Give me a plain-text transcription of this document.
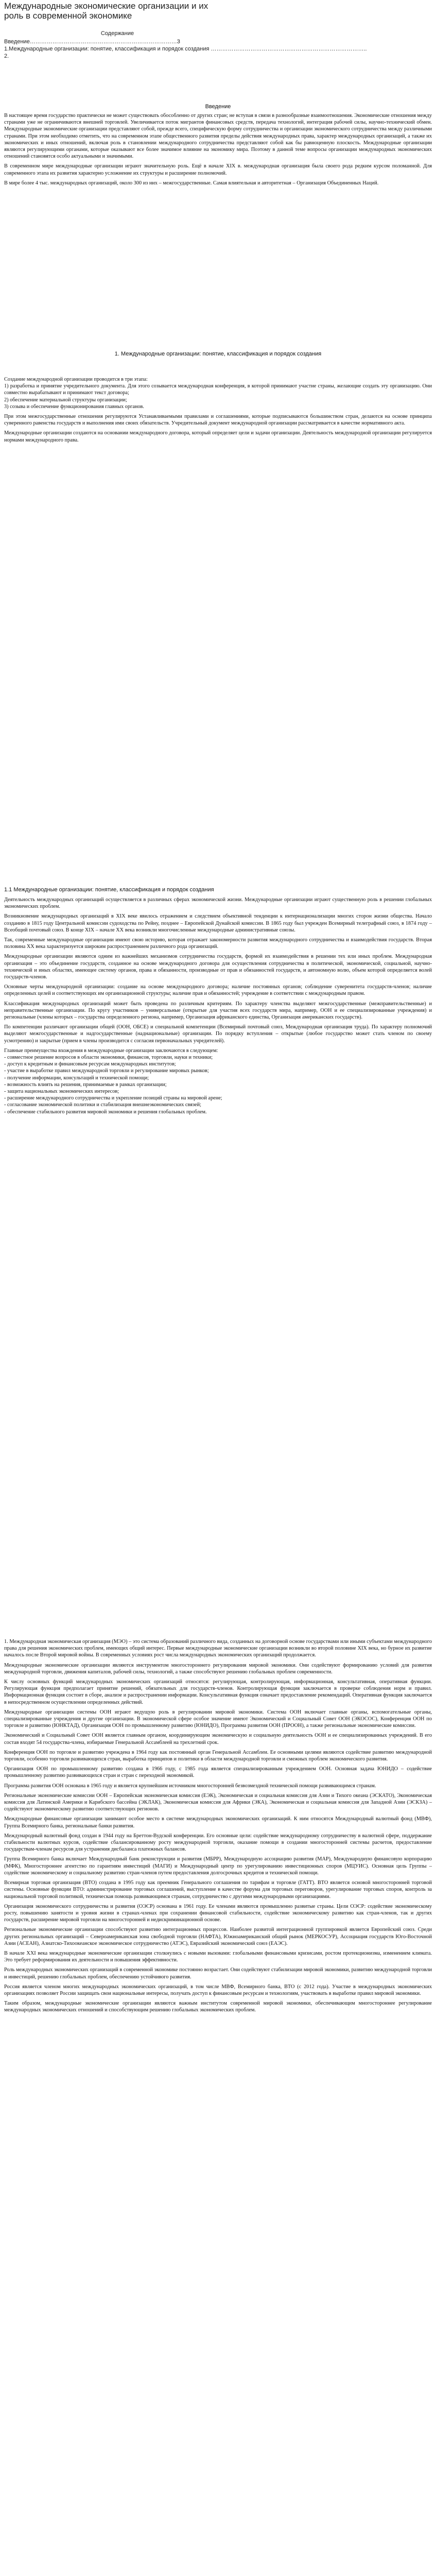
Международные экономические организации и их роль в современной экономике
Содержание
Введение……………………………………………………………………3
1.Международные организации: понятие, классификация и порядок создания ………………………………………………………………………..
2.
Введение

В настоящее время государство практически не может существовать обособленно от других стран; не вступая в связи в разнообразные взаимоотношения. Экономические отношения между странами уже не ограничиваются внешней торговлей. Увеличивается поток мигрантов финансовых средств, передача технологий, интеграция рабочей силы, научно-технический обмен. Международные экономические организации представляют собой, прежде всего, специфическую форму сотрудничества и организации экономического сотрудничества между различными странами. При этом необходимо отметить, что на современном этапе общественного развития пределы действия международных права, характер международных организаций, а также их экономических и иных отношений, включая роль в становлении международного сотрудничества представляют собой как бы равноценную плоскость. Международные организации являются регулирующими органами, которые оказывают все более значимое влияние на экономику мира. Поэтому в данной теме вопросы организации международных экономических отношений становятся особо актуальными и значимыми.

В современном мире международные организации играют значительную роль. Ещё в начале XIX в. международная организация была своего рода редким курсом поломанной. Для современного этапа их развития характерно усложнение их структуры и расширение полномочий.

В мире более 4 тыс. международных организаций, около 300 из них – межгосударственные. Самая влиятельная и авторитетная – Организация Объединенных Наций.

1. Международные организации: понятие, классификация и порядок создания

Создание международной организации проводится в три этапа:

1) разработка и принятие учредительного документа. Для этого созывается международная конференция, в которой принимают участие страны, желающие создать эту организацию. Они совместно вырабатывают и принимают текст договора;

2) обеспечение материальной структуры организации;

3) созыва и обеспечение функционирования главных органов.

При этом межгосударственные отношения регулируются Устанавливаемыми правилами и соглашениями, которые подписываются большинством стран, делаются на основе принципа суверенного равенства государств и выполнения ими своих обязательств. Учредительный документ международной организации рассматривается в качестве нормативного акта.

Международные организации создаются на основании международного договора, который определяет цели и задачи организации. Деятельность международной организации регулируется нормами международного права.

1.1 Международные организации: понятие, классификация и порядок создания

Деятельность международных организаций осуществляется в различных сферах экономической жизни. Международные организации играют существенную роль в решении глобальных экономических проблем.

Возникновение международных организаций в XIX веке явилось отражением и следствием объективной тенденции к интернационализации многих сторон жизни общества. Начало созданию в 1815 году Центральной комиссии судоходства по Рейну, позднее – Европейской Дунайской комиссии. В 1865 году был учрежден Всемирный телеграфный союз, в 1874 году – Всеобщий почтовый союз. В конце XIX – начале XX века возникли многочисленные международные административные союзы.

Так, современные международные организации имеют свою историю, которая отражает закономерности развития международного сотрудничества и взаимодействия государств. Вторая половина XX века характеризуется широким распространением различного рода организаций.

Международные организации являются одним из важнейших механизмов сотрудничества государств, формой их взаимодействия в решении тех или иных проблем. Международная организация – это объединение государств, созданное на основе международного договора для осуществления сотрудничества в политической, экономической, социальной, научно-технической и иных областях, имеющее систему органов, права и обязанности, производные от прав и обязанностей государств, и автономную волю, объем которой определяется волей государств-членов.

Основные черты международной организации: создание на основе международного договора; наличие постоянных органов; соблюдение суверенитета государств-членов; наличие определенных целей и соответствующих им организационной структуры; наличие прав и обязанностей; учреждение в соответствии с международным правом.

Классификация международных организаций может быть проведена по различным критериям. По характеру членства выделяют межгосударственные (межправительственные) и неправительственные организации. По кругу участников – универсальные (открытые для участия всех государств мира, например, ООН и ее специализированные учреждения) и региональные (члены которых – государства определенного региона, например, Организация африканского единства, Организация американских государств).

По компетенции различают организации общей (ООН, ОБСЕ) и специальной компетенции (Всемирный почтовый союз, Международная организация труда). По характеру полномочий выделяют межгосударственные и надгосударственные (наднациональные) организации. По порядку вступления – открытые (любое государство может стать членом по своему усмотрению) и закрытые (прием в члены производится с согласия первоначальных учредителей).

Главные преимущества вхождения в международные организации заключаются в следующем:

- совместное решение вопросов в области экономики, финансов, торговли, науки и техники;

- доступ к кредитным и финансовым ресурсам международных институтов;

- участие в выработке правил международной торговли и регулирование мировых рынков;

- получение информации, консультаций и технической помощи;

- возможность влиять на решения, принимаемые в рамках организации;

- защита национальных экономических интересов;

- расширение международного сотрудничества и укрепление позиций страны на мировой арене;

- согласование экономической политики и стабилизация внешнеэкономических связей;

- обеспечение стабильного развития мировой экономики и решения глобальных проблем.

1. Международная экономическая организация (МЭО) – это система образований различного вида, созданных на договорной основе государствами или иными субъектами международного права для решения экономических проблем, имеющих общий интерес. Первые международные экономические организации возникли во второй половине XIX века, но бурное их развитие началось после Второй мировой войны. В современных условиях рост числа международных экономических организаций продолжается.

Международные экономические организации являются инструментом многостороннего регулирования мировой экономики. Они содействуют формированию условий для развития международной торговли, движения капиталов, рабочей силы, технологий, а также способствуют решению глобальных проблем современности.

К числу основных функций международных экономических организаций относятся: регулирующая, контролирующая, информационная, консультативная, оперативная функции. Регулирующая функция предполагает принятие решений, обязательных для государств-членов. Контролирующая функция заключается в проверке соблюдения норм и правил. Информационная функция состоит в сборе, анализе и распространении информации. Консультативная функция означает предоставление рекомендаций. Оперативная функция заключается в непосредственном осуществлении определенных действий.

Международные организации системы ООН играют ведущую роль в регулировании мировой экономики. Система ООН включает главные органы, вспомогательные органы, специализированные учреждения и другие организации. В экономической сфере особое значение имеют Экономический и Социальный Совет ООН (ЭКОСОС), Конференция ООН по торговле и развитию (ЮНКТАД), Организация ООН по промышленному развитию (ЮНИДО), Программа развития ООН (ПРООН), а также региональные экономические комиссии.

Экономический и Социальный Совет ООН является главным органом, координирующим экономическую и социальную деятельность ООН и ее специализированных учреждений. В его состав входят 54 государства-члена, избираемые Генеральной Ассамблеей на трехлетний срок.

Конференция ООН по торговле и развитию учреждена в 1964 году как постоянный орган Генеральной Ассамблеи. Ее основными целями являются содействие развитию международной торговли, особенно торговли развивающихся стран, выработка принципов и политики в области международной торговли и смежных проблем экономического развития.

Организация ООН по промышленному развитию создана в 1966 году, с 1985 года является специализированным учреждением ООН. Основная задача ЮНИДО – содействие промышленному развитию развивающихся стран и стран с переходной экономикой.

Программа развития ООН основана в 1965 году и является крупнейшим источником многосторонней безвозмездной технической помощи развивающимся странам.

Региональные экономические комиссии ООН – Европейская экономическая комиссия (ЕЭК), Экономическая и социальная комиссия для Азии и Тихого океана (ЭСКАТО), Экономическая комиссия для Латинской Америки и Карибского бассейна (ЭКЛАК), Экономическая комиссия для Африки (ЭКА), Экономическая и социальная комиссия для Западной Азии (ЭСКЗА) – содействуют экономическому развитию соответствующих регионов.

Международные финансовые организации занимают особое место в системе международных экономических организаций. К ним относятся Международный валютный фонд (МВФ), Группа Всемирного банка, региональные банки развития.

Международный валютный фонд создан в 1944 году на Бреттон-Вудской конференции. Его основные цели: содействие международному сотрудничеству в валютной сфере, поддержание стабильности валютных курсов, содействие сбалансированному росту международной торговли, оказание помощи в создании многосторонней системы расчетов, предоставление государствам-членам ресурсов для устранения дисбаланса платежных балансов.

Группа Всемирного банка включает Международный банк реконструкции и развития (МБРР), Международную ассоциацию развития (МАР), Международную финансовую корпорацию (МФК), Многостороннее агентство по гарантиям инвестиций (МАГИ) и Международный центр по урегулированию инвестиционных споров (МЦУИС). Основная цель Группы – содействие экономическому и социальному развитию стран-членов путем предоставления долгосрочных кредитов и технической помощи.

Всемирная торговая организация (ВТО) создана в 1995 году как преемник Генерального соглашения по тарифам и торговле (ГАТТ). ВТО является основой многосторонней торговой системы. Основные функции ВТО: администрирование торговых соглашений, выступление в качестве форума для торговых переговоров, урегулирование торговых споров, контроль за национальной торговой политикой, техническая помощь развивающимся странам, сотрудничество с другими международными организациями.

Организация экономического сотрудничества и развития (ОЭСР) основана в 1961 году. Ее членами являются промышленно развитые страны. Цели ОЭСР: содействие экономическому росту, повышению занятости и уровня жизни в странах-членах при сохранении финансовой стабильности, содействие экономическому развитию как стран-членов, так и других государств, расширение мировой торговли на многосторонней и недискриминационной основе.

Региональные экономические организации способствуют развитию интеграционных процессов. Наиболее развитой интеграционной группировкой является Европейский союз. Среди других региональных организаций – Североамериканская зона свободной торговли (НАФТА), Южноамериканский общий рынок (МЕРКОСУР), Ассоциация государств Юго-Восточной Азии (АСЕАН), Азиатско-Тихоокеанское экономическое сотрудничество (АТЭС), Евразийский экономический союз (ЕАЭС).

В начале XXI века международные экономические организации столкнулись с новыми вызовами: глобальными финансовыми кризисами, ростом протекционизма, изменением климата. Это требует реформирования их деятельности и повышения эффективности.

Роль международных экономических организаций в современной экономике постоянно возрастает. Они содействуют стабилизации мировой экономики, развитию международной торговли и инвестиций, решению глобальных проблем, обеспечению устойчивого развития.

Россия является членом многих международных экономических организаций, в том числе МВФ, Всемирного банка, ВТО (с 2012 года). Участие в международных экономических организациях позволяет России защищать свои национальные интересы, получать доступ к финансовым ресурсам и технологиям, участвовать в выработке правил мировой экономики.

Таким образом, международные экономические организации являются важным институтом современной мировой экономики, обеспечивающим многостороннее регулирование международных экономических отношений и способствующим решению глобальных экономических проблем.
